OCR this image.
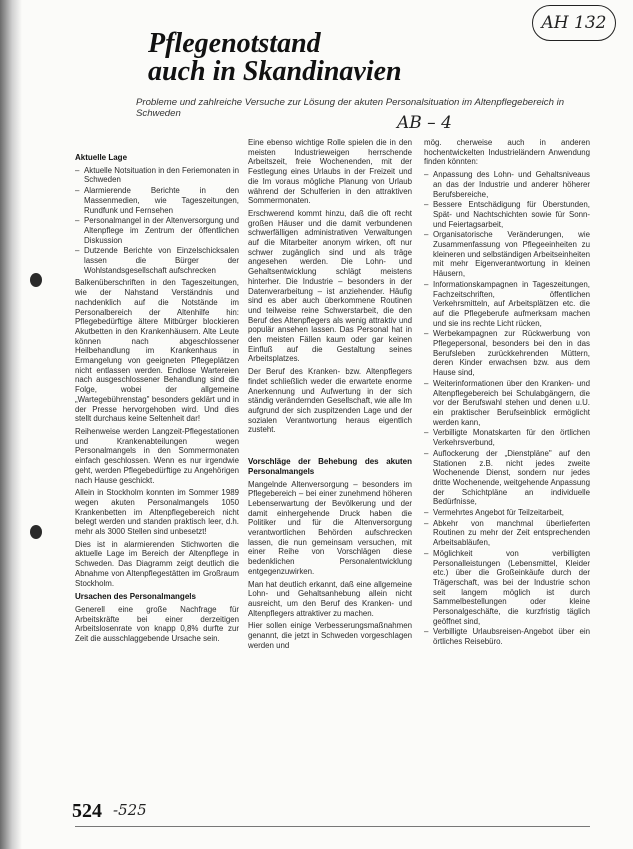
AH 132
Pflegenotstand
auch in Skandinavien
Probleme und zahlreiche Versuche zur Lösung der akuten Personalsituation im Altenpflegebereich in Schweden	AB – 4
Aktuelle Lage
– Aktuelle Notsituation in den Feriemonaten in Schweden
– Alarmierende Berichte in den Massenmedien, wie Tageszeitungen, Rundfunk und Fernsehen
– Personalmangel in der Altenversorgung und Altenpflege im Zentrum der öffentlichen Diskussion
– Dutzende Berichte von Einzelschicksalen lassen die Bürger der Wohlstandsgesellschaft aufschrecken

Balkenüberschriften in den Tageszeitungen, wie der Nahstand Verständnis und nachdenklich auf die Notstände im Personalbereich der Altenhilfe hin: Pflegebedürftige ältere Mitbürger blockieren Akutbetten in den Krankenhäusern. Alte Leute können nach abgeschlossener Heilbehandlung im Krankenhaus in Ermangelung von geeigneten Pflegeplätzen nicht entlassen werden. Endlose Wartereien nach ausgeschlossener Behandlung sind die Folge, wobei der allgemeine „Wartegebührenstag" besonders geklärt und in der Presse hervorgehoben wird. Und dies stellt durchaus keine Seltenheit dar!

Reihenweise werden Langzeit-Pflegestationen und Krankenabteilungen wegen Personalmangels in den Sommermonaten einfach geschlossen. Wenn es nur irgendwie geht, werden Pflegebedürftige zu Angehörigen nach Hause geschickt.

Allein in Stockholm konnten im Sommer 1989 wegen akuten Personalmangels 1050 Krankenbetten im Altenpflegebereich nicht belegt werden und standen praktisch leer, d.h. mehr als 3000 Stellen sind unbesetzt!

Dies ist in alarmierenden Stichworten die aktuelle Lage im Bereich der Altenpflege in Schweden. Das Diagramm zeigt deutlich die Abnahme von Altenpflegestätten im Großraum Stockholm.

Ursachen des Personalmangels

Generell eine große Nachfrage für Arbeitskräfte bei einer derzeitigen Arbeitslosenrate von knapp 0,8% durfte zur Zeit die ausschlaggebende Ursache sein.

Eine ebenso wichtige Rolle spielen die in den meisten Industrieweigen herrschende Arbeitszeit, freie Wochenenden, mit der Festlegung eines Urlaubs in der Freizeit und die Im voraus mögliche Planung von Urlaub während der Schulferien in den attraktiven Sommermonaten.

Erschwerend kommt hinzu, daß die oft recht großen Häuser und die damit verbundenen schwerfälligen administrativen Verwaltungen auf die Mitarbeiter anonym wirken, oft nur schwer zugänglich sind und als träge angesehen werden. Die Lohn- und Gehaltsentwicklung schlägt meistens hinterher. Die Industrie – besonders in der Datenverarbeitung – ist anziehender. Häufig sind es aber auch überkommene Routinen und teilweise reine Schwerstarbeit, die den Beruf des Altenpflegers als wenig attraktiv und populär ansehen lassen. Das Personal hat in den meisten Fällen kaum oder gar keinen Einfluß auf die Gestaltung seines Arbeitsplatzes.

Der Beruf des Kranken- bzw. Altenpflegers findet schließlich weder die erwartete enorme Anerkennung und Aufwertung in der sich ständig verändernden Gesellschaft, wie alle Im aufgrund der sich zuspitzenden Lage und der sozialen Verantwortung heraus eigentlich zusteht.

Vorschläge der Behebung des akuten Personalmangels

Mangelnde Altenversorgung – besonders im Pflegebereich – bei einer zunehmend höheren Lebenserwartung der Bevölkerung und der damit einhergehende Druck haben die Politiker und für die Altenversorgung verantwortlichen Behörden aufschrecken lassen, die nun gemeinsam versuchen, mit einer Reihe von Vorschlägen diese bedenklichen Personalentwicklung entgegenzuwirken.

Man hat deutlich erkannt, daß eine allgemeine Lohn- und Gehaltsanhebung allein nicht ausreicht, um den Beruf des Kranken- und Altenpflegers attraktiver zu machen.

Hier sollen einige Verbesserungsmaßnahmen genannt, die jetzt in Schweden vorgeschlagen werden und

mög. cherweise auch in anderen hochentwickelten Industrieländern Anwendung finden könnten:

– Anpassung des Lohn- und Gehaltsniveaus an das der Industrie und anderer höherer Berufsbereiche,
– Bessere Entschädigung für Überstunden, Spät- und Nachtschichten sowie für Sonn- und Feiertagsarbeit,
– Organisatorische Veränderungen, wie Zusammenfassung von Pflegeeinheiten zu kleineren und selbständigen Arbeitseinheiten mit mehr Eigenverantwortung in kleinen Häusern,
– Informationskampagnen in Tageszeitungen, Fachzeitschriften, öffentlichen Verkehrsmitteln, auf Arbeitsplätzen etc. die auf die Pflegeberufe aufmerksam machen und sie ins rechte Licht rücken,
– Werbekampagnen zur Rückwerbung von Pflegepersonal, besonders bei den in das Berufsleben zurückkehrenden Müttern, deren Kinder erwachsen bzw. aus dem Hause sind,
– Weiterinformationen über den Kranken- und Altenpflegebereich bei Schulabgängern, die vor der Berufswahl stehen und denen u.U. ein praktischer Berufseinblick ermöglicht werden kann,
– Verbilligte Monatskarten für den örtlichen Verkehrsverbund,
– Auflockerung der „Dienstpläne" auf den Stationen z.B. nicht jedes zweite Wochenende Dienst, sondern nur jedes dritte Wochenende, weitgehende Anpassung der Schichtpläne an individuelle Bedürfnisse,
– Vermehrtes Angebot für Teilzeitarbeit,
– Abkehr von manchmal überlieferten Routinen zu mehr der Zeit entsprechenden Arbeitsabläufen,
– Möglichkeit von verbilligten Personalleistungen (Lebensmittel, Kleider etc.) über die Großeinkäufe durch der Trägerschaft, was bei der Industrie schon seit langem möglich ist durch Sammelbestellungen oder kleine Personalgeschäfte, die kurzfristig täglich geöffnet sind,
– Verbilligte Urlaubsreisen-Angebot über ein örtliches Reisebüro.
524 -525
